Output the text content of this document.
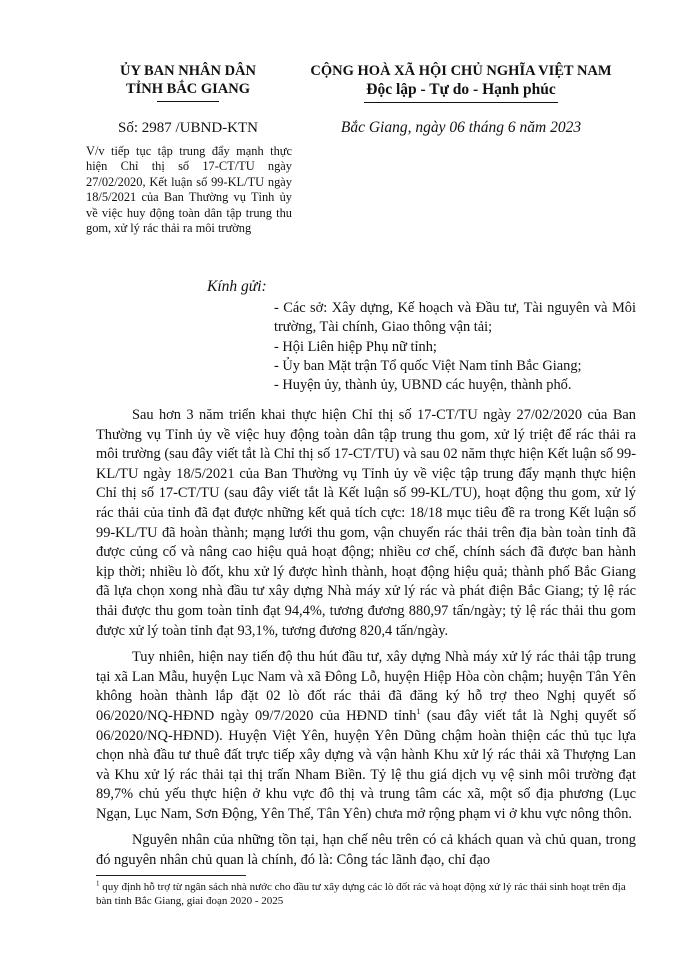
ỦY BAN NHÂN DÂN
TỈNH BẮC GIANG
CỘNG HOÀ XÃ HỘI CHỦ NGHĨA VIỆT NAM
Độc lập - Tự do - Hạnh phúc
Số: 2987 /UBND-KTN	Bắc Giang, ngày 06 tháng 6 năm 2023
V/v tiếp tục tập trung đẩy mạnh thực hiện Chỉ thị số 17-CT/TU ngày 27/02/2020, Kết luận số 99-KL/TU ngày 18/5/2021 của Ban Thường vụ Tỉnh ủy về việc huy động toàn dân tập trung thu gom, xử lý rác thải ra môi trường
Kính gửi:
- Các sở: Xây dựng, Kế hoạch và Đầu tư, Tài nguyên và Môi trường, Tài chính, Giao thông vận tải;
- Hội Liên hiệp Phụ nữ tỉnh;
- Ủy ban Mặt trận Tổ quốc Việt Nam tỉnh Bắc Giang;
- Huyện ủy, thành ủy, UBND các huyện, thành phố.

Sau hơn 3 năm triển khai thực hiện Chỉ thị số 17-CT/TU ngày 27/02/2020 của Ban Thường vụ Tỉnh ủy về việc huy động toàn dân tập trung thu gom, xử lý triệt để rác thải ra môi trường (sau đây viết tắt là Chỉ thị số 17-CT/TU) và sau 02 năm thực hiện Kết luận số 99-KL/TU ngày 18/5/2021 của Ban Thường vụ Tỉnh ủy về việc tập trung đẩy mạnh thực hiện Chỉ thị số 17-CT/TU (sau đây viết tắt là Kết luận số 99-KL/TU), hoạt động thu gom, xử lý rác thải của tỉnh đã đạt được những kết quả tích cực: 18/18 mục tiêu đề ra trong Kết luận số 99-KL/TU đã hoàn thành; mạng lưới thu gom, vận chuyển rác thải trên địa bàn toàn tỉnh đã được củng cố và nâng cao hiệu quả hoạt động; nhiều cơ chế, chính sách đã được ban hành kịp thời; nhiều lò đốt, khu xử lý được hình thành, hoạt động hiệu quả; thành phố Bắc Giang đã lựa chọn xong nhà đầu tư xây dựng Nhà máy xử lý rác và phát điện Bắc Giang; tỷ lệ rác thải được thu gom toàn tỉnh đạt 94,4%, tương đương 880,97 tấn/ngày; tỷ lệ rác thải thu gom được xử lý toàn tỉnh đạt 93,1%, tương đương 820,4 tấn/ngày.

Tuy nhiên, hiện nay tiến độ thu hút đầu tư, xây dựng Nhà máy xử lý rác thải tập trung tại xã Lan Mẫu, huyện Lục Nam và xã Đông Lỗ, huyện Hiệp Hòa còn chậm; huyện Tân Yên không hoàn thành lắp đặt 02 lò đốt rác thải đã đăng ký hỗ trợ theo Nghị quyết số 06/2020/NQ-HĐND ngày 09/7/2020 của HĐND tỉnh$^1$ (sau đây viết tắt là Nghị quyết số 06/2020/NQ-HĐND). Huyện Việt Yên, huyện Yên Dũng chậm hoàn thiện các thủ tục lựa chọn nhà đầu tư thuê đất trực tiếp xây dựng và vận hành Khu xử lý rác thải xã Thượng Lan và Khu xử lý rác thải tại thị trấn Nham Biền. Tỷ lệ thu giá dịch vụ vệ sinh môi trường đạt 89,7% chủ yếu thực hiện ở khu vực đô thị và trung tâm các xã, một số địa phương (Lục Ngạn, Lục Nam, Sơn Động, Yên Thế, Tân Yên) chưa mở rộng phạm vi ở khu vực nông thôn.

Nguyên nhân của những tồn tại, hạn chế nêu trên có cả khách quan và chủ quan, trong đó nguyên nhân chủ quan là chính, đó là: Công tác lãnh đạo, chỉ đạo

$^1$ quy định hỗ trợ từ ngân sách nhà nước cho đầu tư xây dựng các lò đốt rác và hoạt động xử lý rác thải sinh hoạt trên địa bàn tỉnh Bắc Giang, giai đoạn 2020 - 2025
